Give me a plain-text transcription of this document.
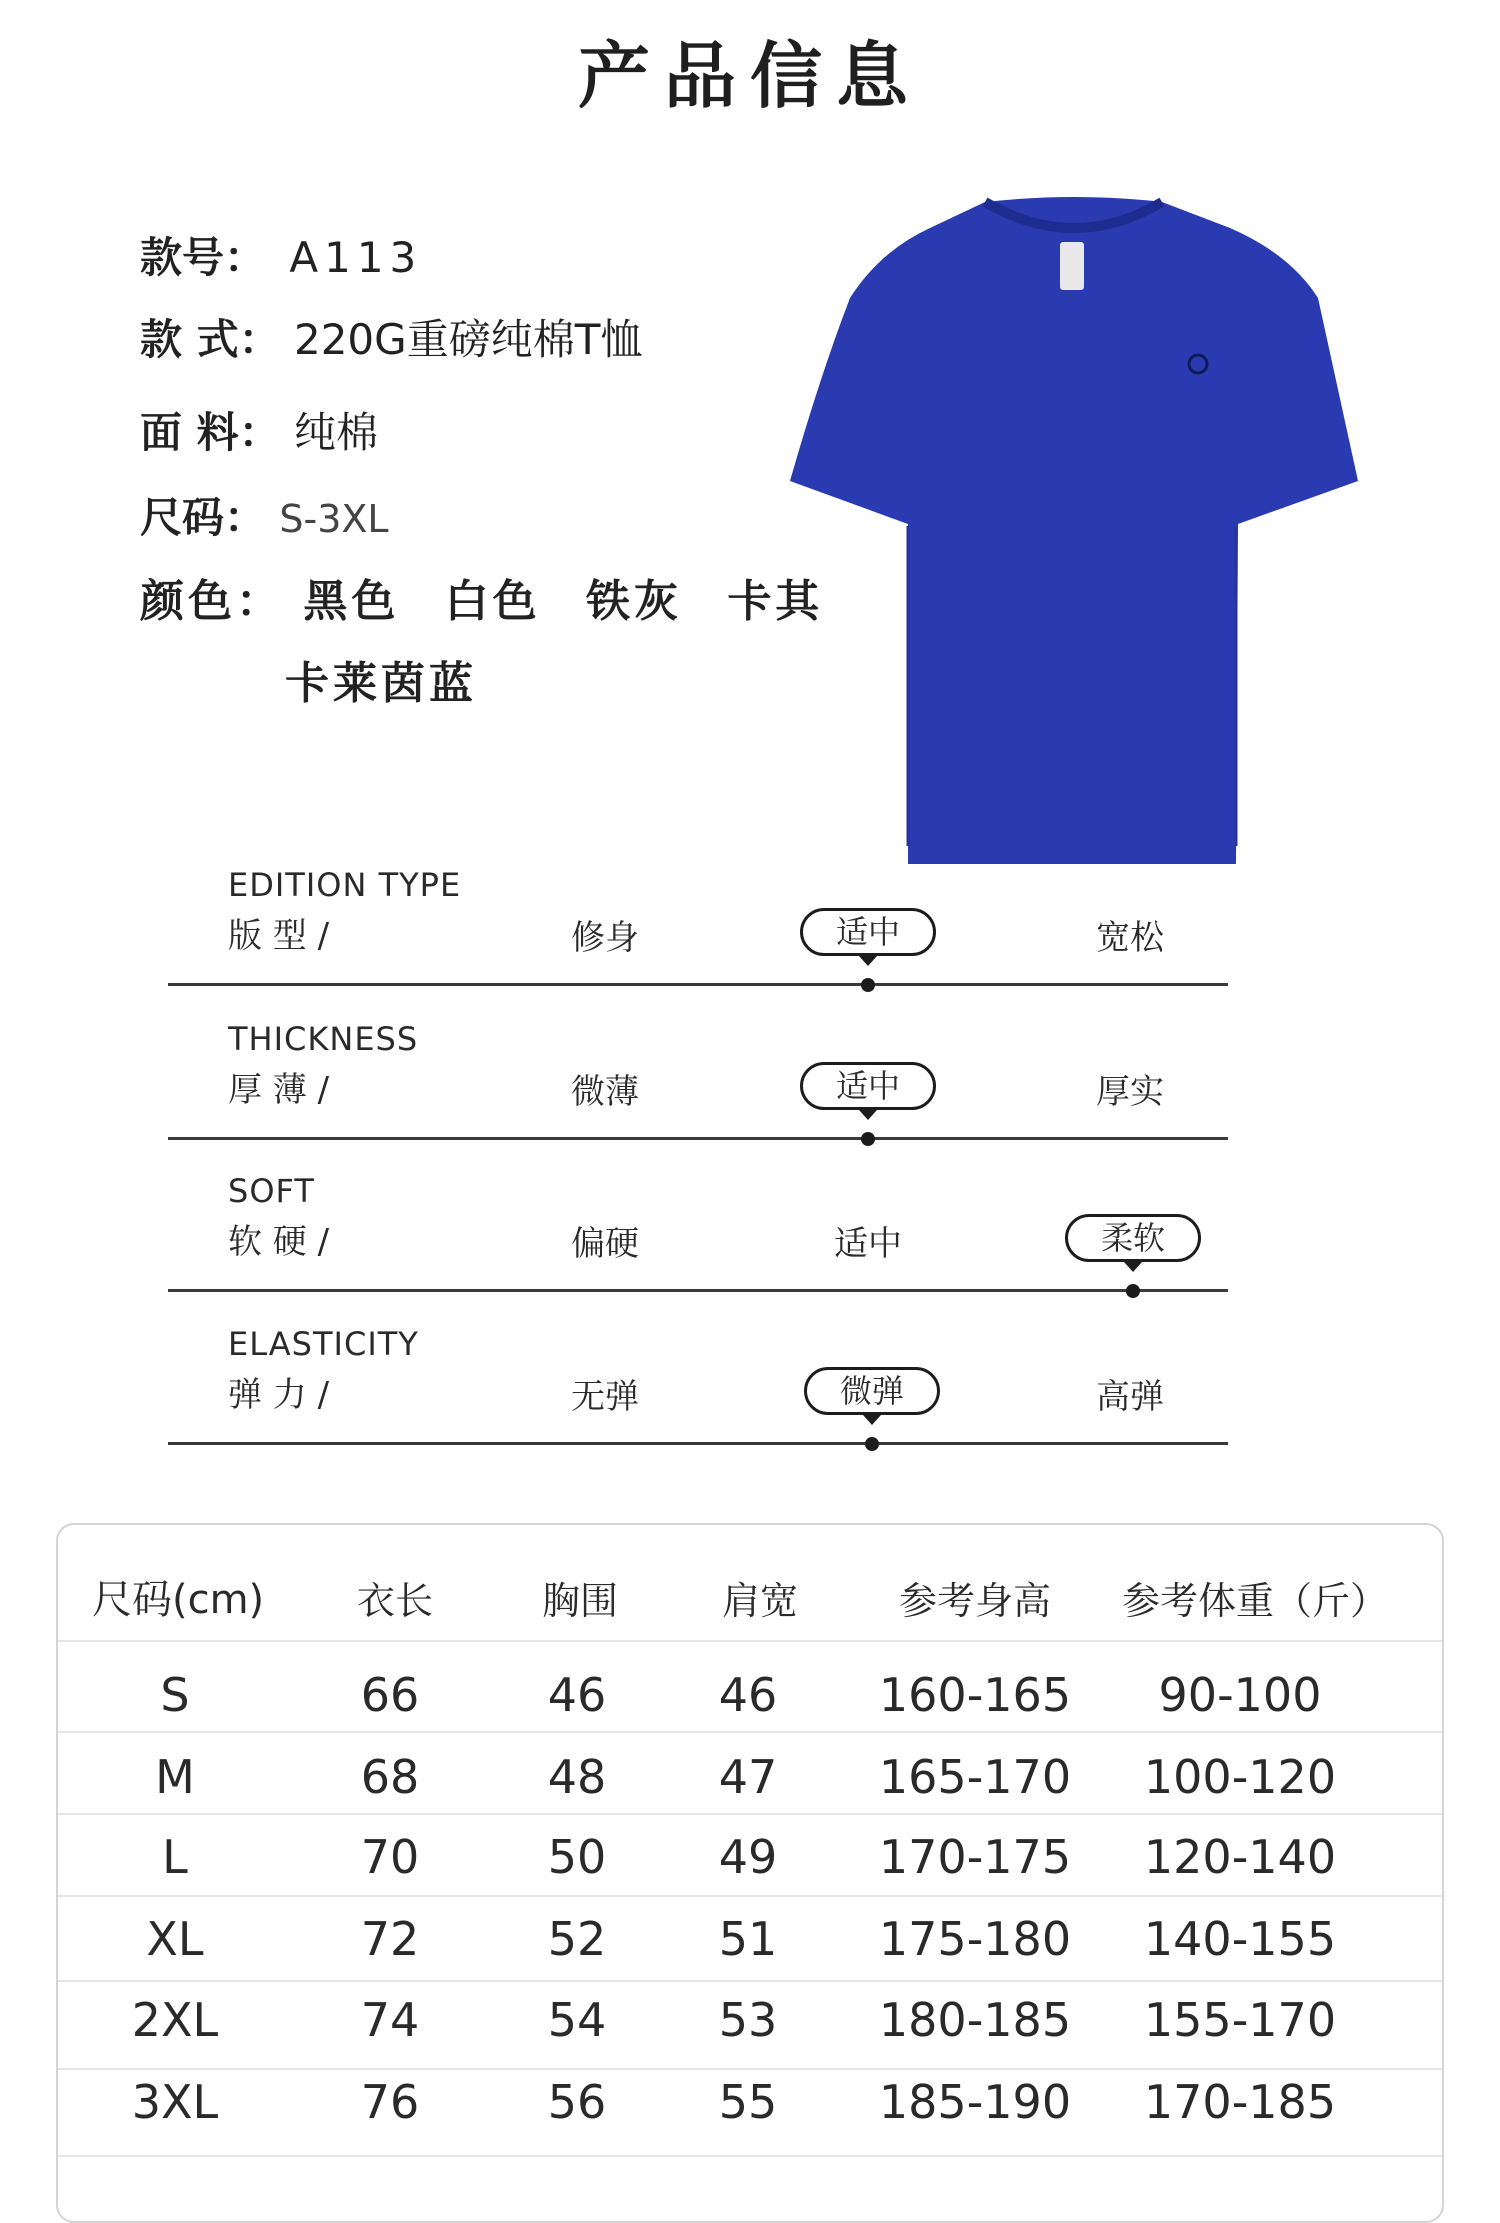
产品信息
款号： A113
款 式： 220G重磅纯棉T恤
面 料： 纯棉
尺码： S-3XL
颜色： 黑色 白色 铁灰 卡其
卡莱茵蓝
EDITION TYPE
版 型 /	修身	适中	宽松
THICKNESS
厚 薄 /	微薄	适中	厚实
SOFT
软 硬 /	偏硬	适中	柔软
ELASTICITY
弹 力 /	无弹	微弹	高弹
尺码(cm)	衣长	胸围	肩宽	参考身高	参考体重（斤）
S	66	46	46	160-165	90-100
M	68	48	47	165-170	100-120
L	70	50	49	170-175	120-140
XL	72	52	51	175-180	140-155
2XL	74	54	53	180-185	155-170
3XL	76	56	55	185-190	170-185
